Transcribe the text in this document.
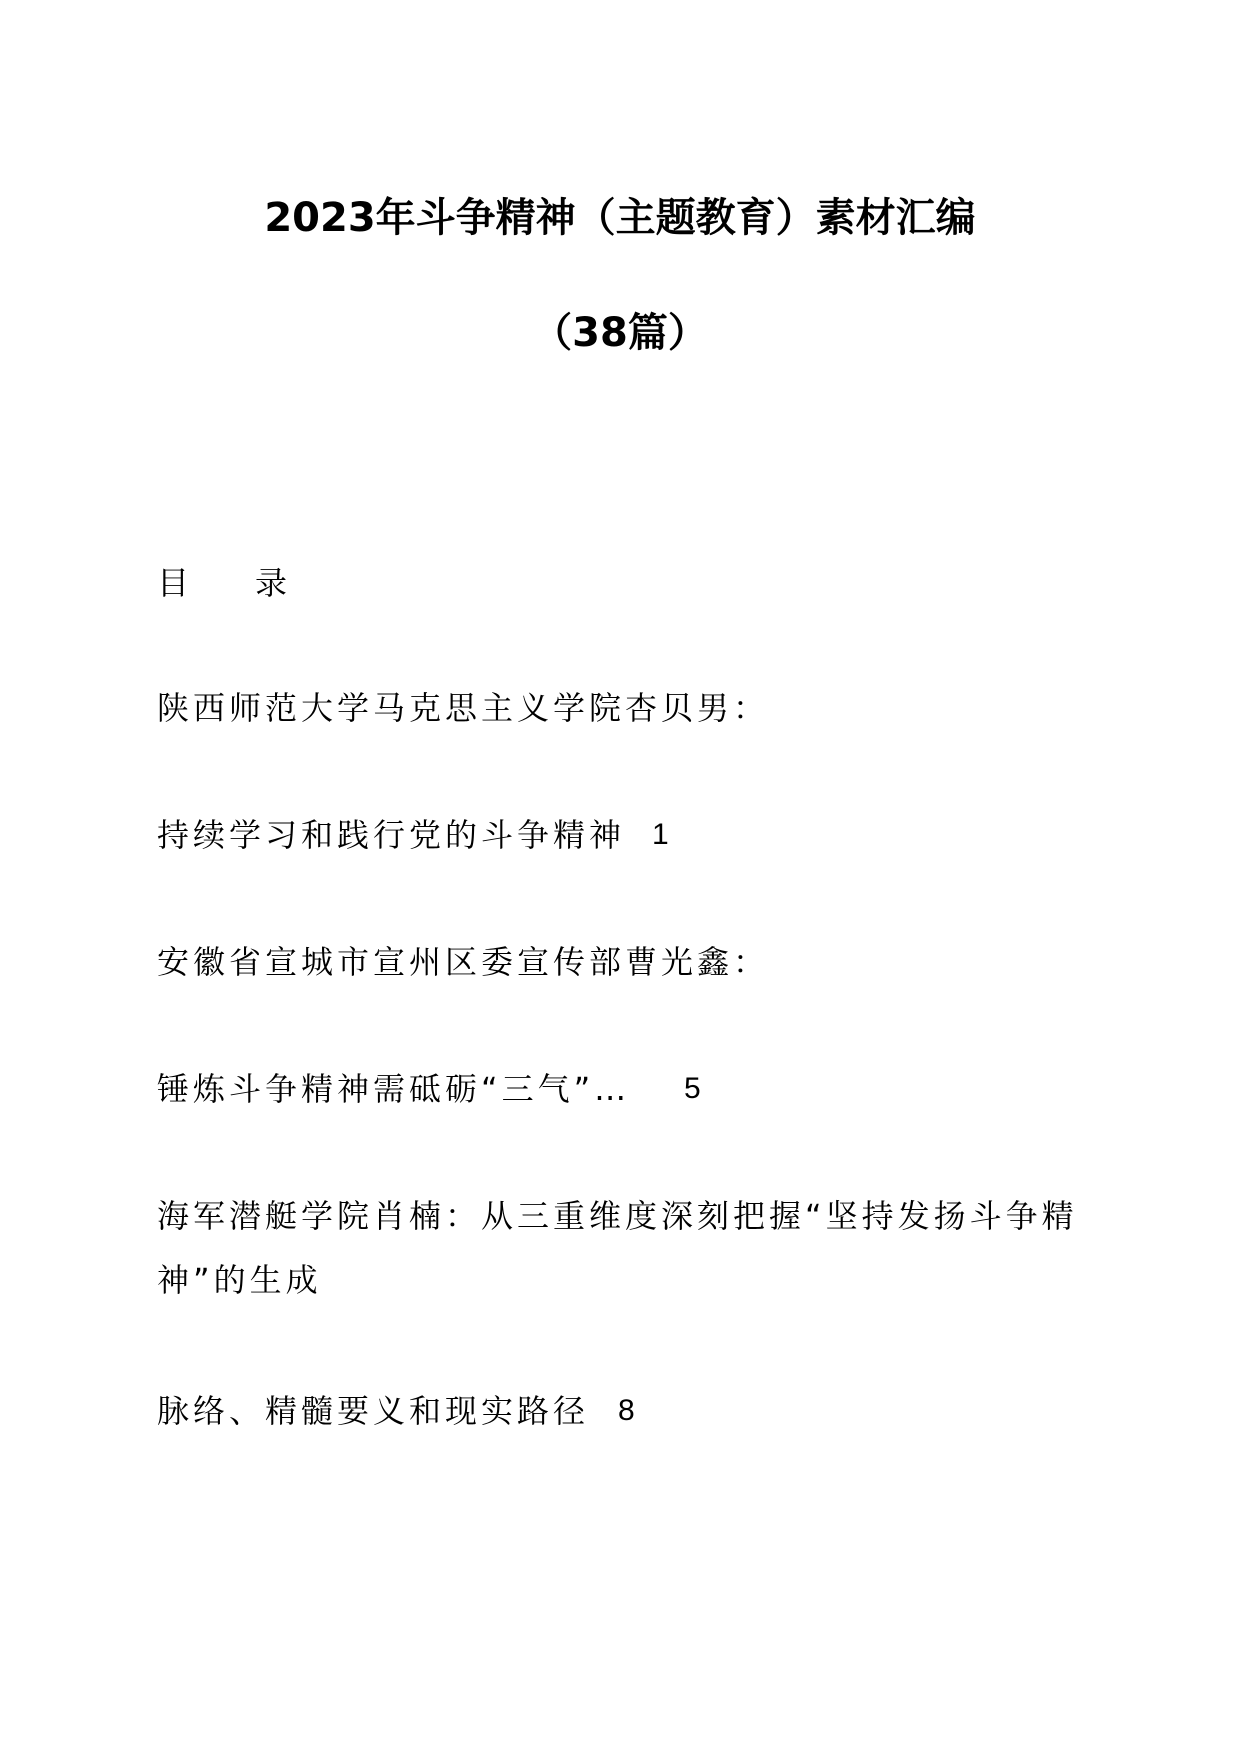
2023年斗争精神（主题教育）素材汇编
（38篇）
目 录
陕西师范大学马克思主义学院杏贝男：
持续学习和践行党的斗争精神 1
安徽省宣城市宣州区委宣传部曹光鑫：
锤炼斗争精神需砥砺“三气”… 5
海军潜艇学院肖楠：从三重维度深刻把握“坚持发扬斗争精
神”的生成
脉络、精髓要义和现实路径 8
